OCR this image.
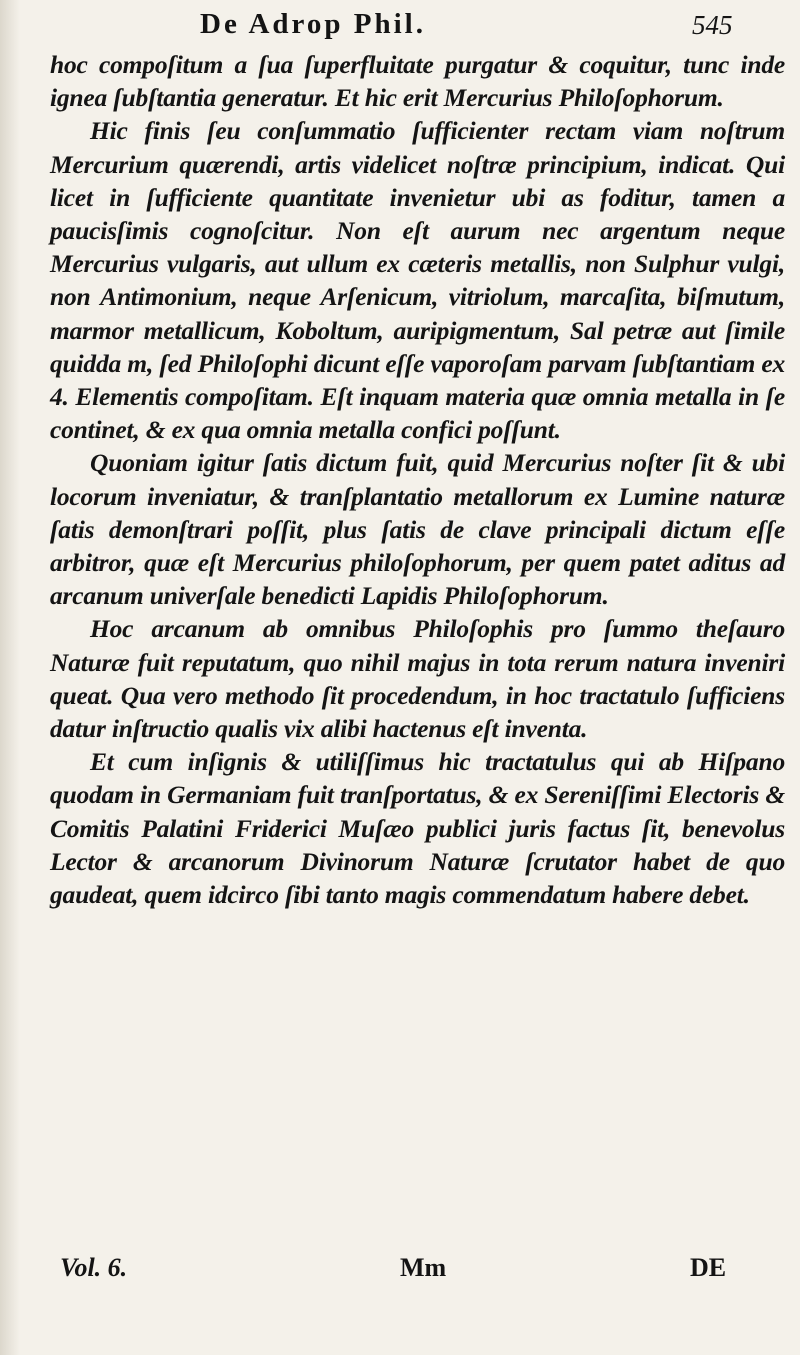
De Adrop Phil.	545

hoc compoſitum a ſua ſuperfluitate purgatur & coquitur, tunc inde ignea ſubſtantia generatur. Et hic erit Mercurius Philoſophorum.

Hic finis ſeu conſummatio ſufficienter rectam viam noſtrum Mercurium quærendi, artis videlicet noſtræ principium, indicat. Qui licet in ſufficiente quantitate invenietur ubi as foditur, tamen a paucisſimis cognoſcitur. Non eſt aurum nec argentum neque Mercurius vulgaris, aut ullum ex cæteris metallis, non Sulphur vulgi, non Antimonium, neque Arſenicum, vitriolum, marcaſita, biſmutum, marmor metallicum, Koboltum, auripigmentum, Sal petræ aut ſimile quidda m, ſed Philoſophi dicunt eſſe vaporoſam parvam ſubſtantiam ex 4. Elementis compoſitam. Eſt inquam materia quæ omnia metalla in ſe continet, & ex qua omnia metalla confici poſſunt.

Quoniam igitur ſatis dictum fuit, quid Mercurius noſter ſit & ubi locorum inveniatur, & tranſplantatio metallorum ex Lumine naturæ ſatis demonſtrari poſſit, plus ſatis de clave principali dictum eſſe arbitror, quæ eſt Mercurius philoſophorum, per quem patet aditus ad arcanum univerſale benedicti Lapidis Philoſophorum.

Hoc arcanum ab omnibus Philoſophis pro ſummo theſauro Naturæ fuit reputatum, quo nihil majus in tota rerum natura inveniri queat. Qua vero methodo ſit procedendum, in hoc tractatulo ſufficiens datur inſtructio qualis vix alibi hactenus eſt inventa.

Et cum inſignis & utiliſſimus hic tractatulus qui ab Hiſpano quodam in Germaniam fuit tranſportatus, & ex Sereniſſimi Electoris & Comitis Palatini Friderici Muſæo publici juris factus ſit, benevolus Lector & arcanorum Divinorum Naturæ ſcrutator habet de quo gaudeat, quem idcirco ſibi tanto magis commendatum habere debet.

Vol. 6.	Mm	DE
